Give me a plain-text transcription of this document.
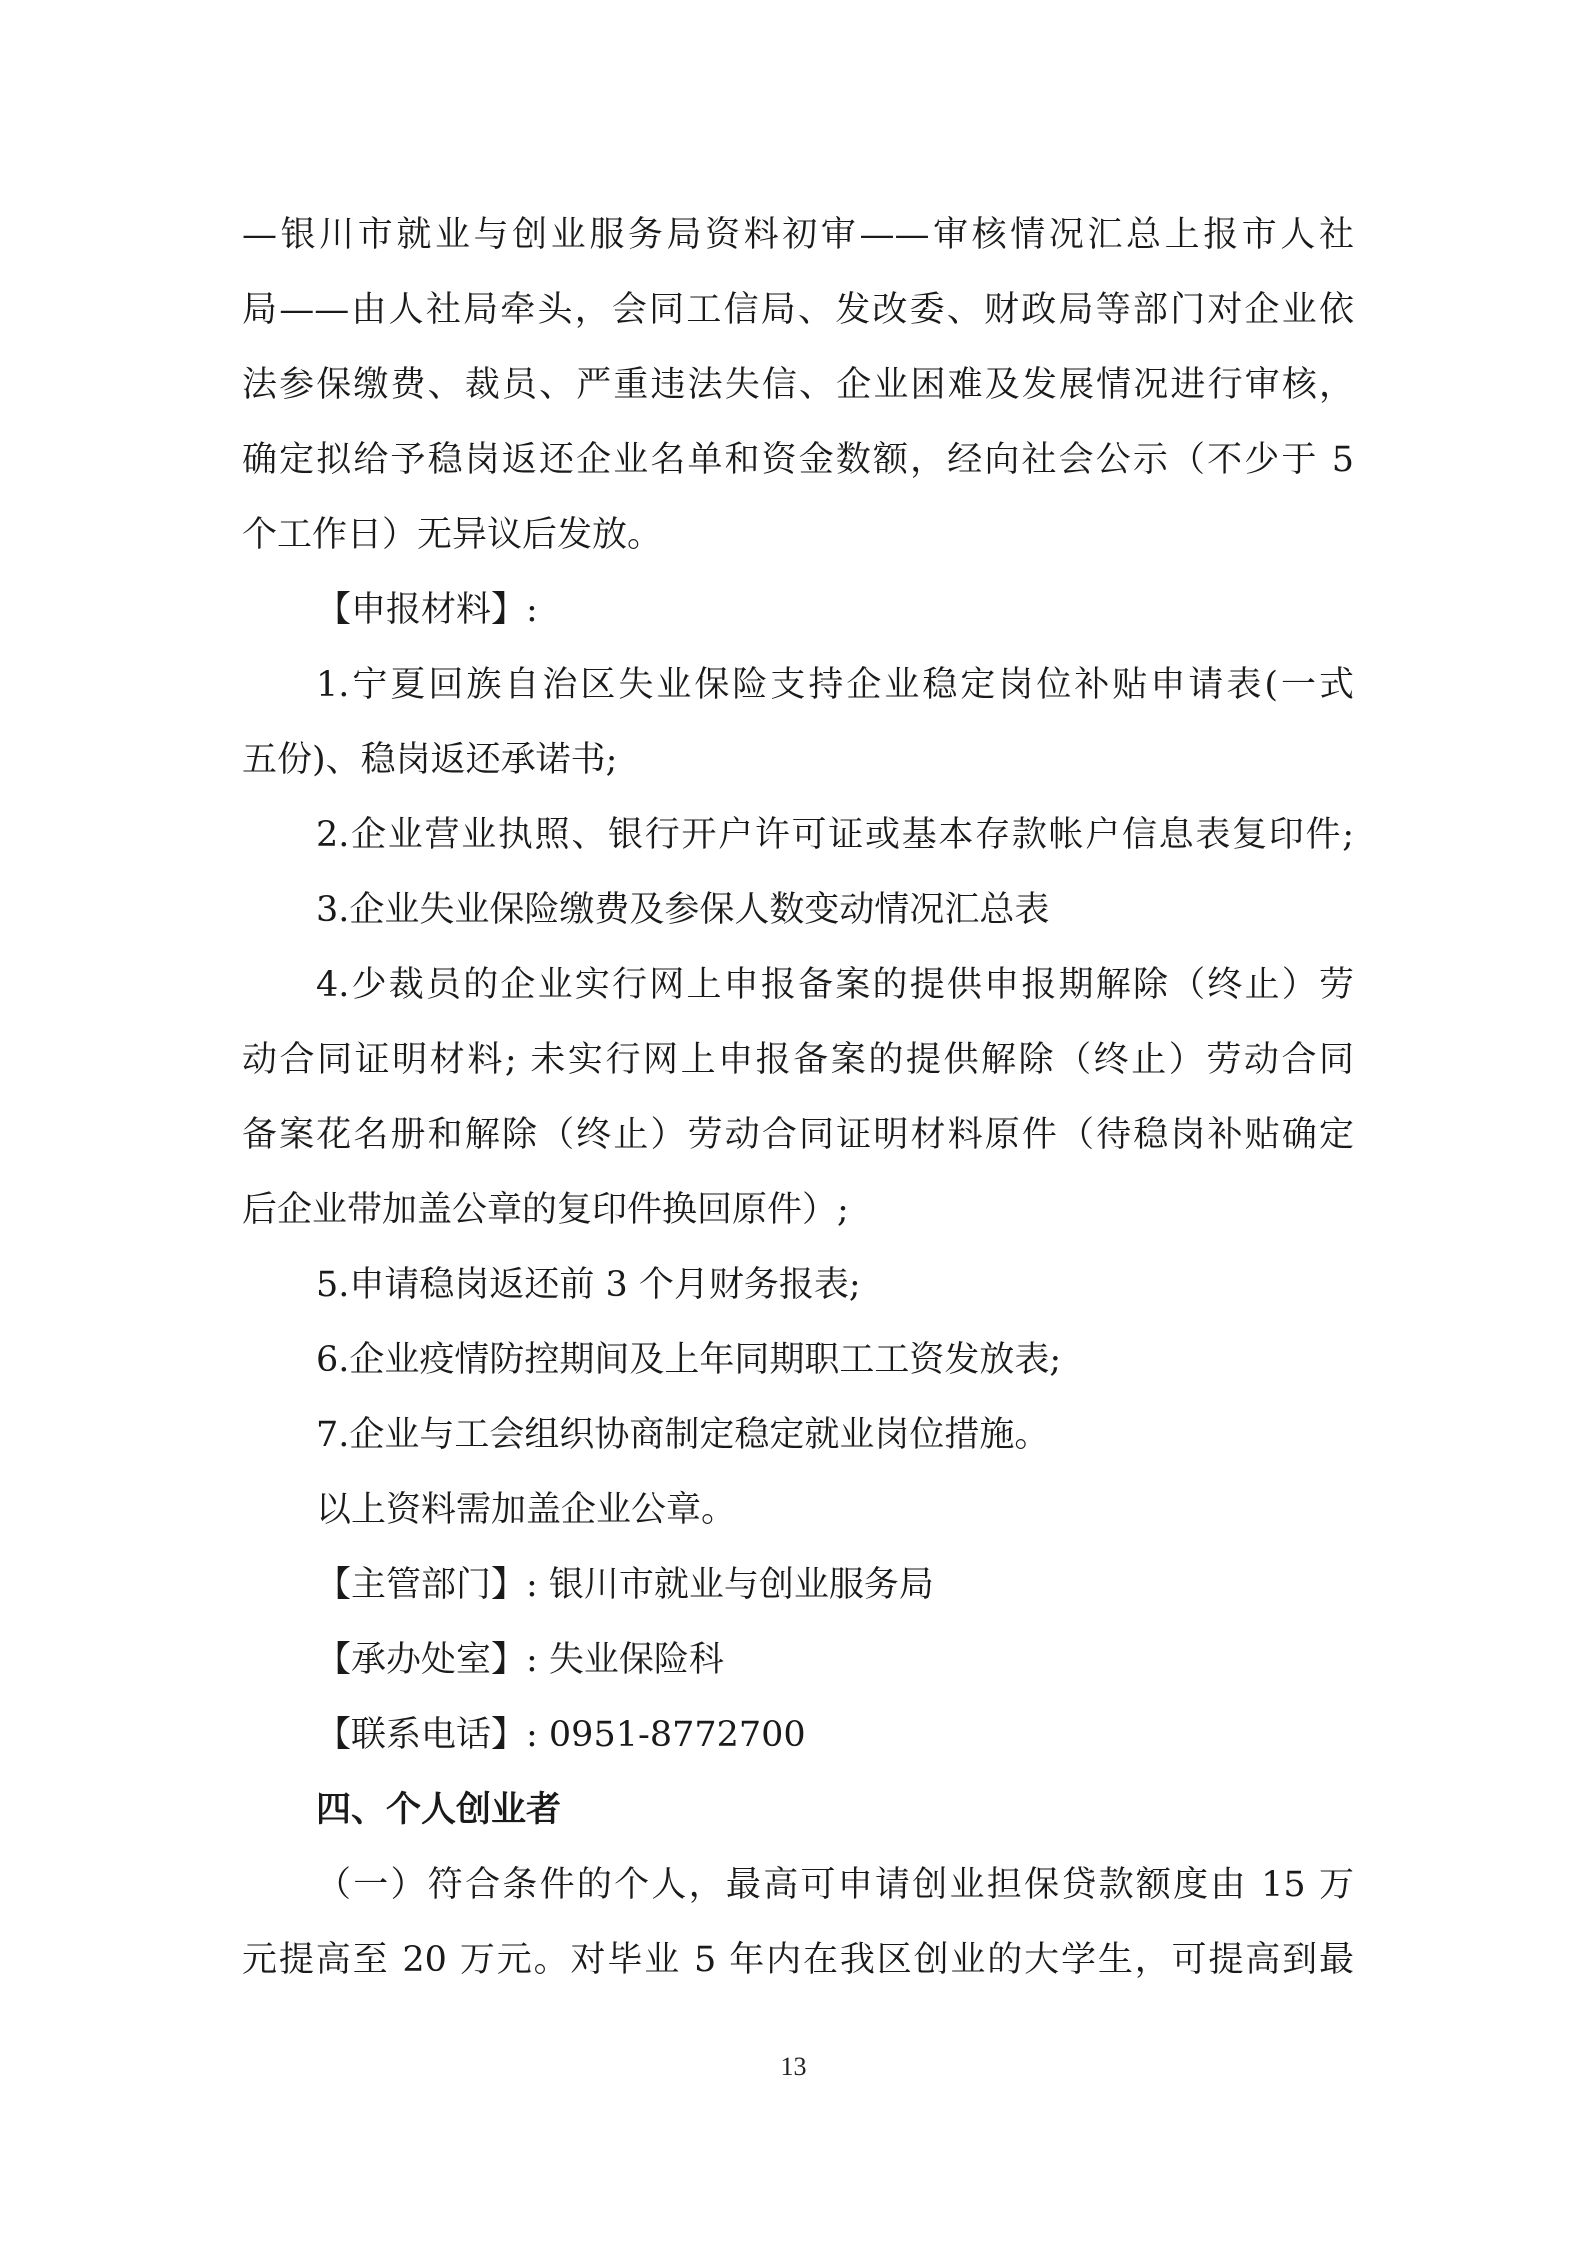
—银川市就业与创业服务局资料初审——审核情况汇总上报市人社
局——由人社局牵头，会同工信局、发改委、财政局等部门对企业依
法参保缴费、裁员、严重违法失信、企业困难及发展情况进行审核，
确定拟给予稳岗返还企业名单和资金数额，经向社会公示（不少于 5
个工作日）无异议后发放。
【申报材料】:
1.宁夏回族自治区失业保险支持企业稳定岗位补贴申请表(一式
五份)、稳岗返还承诺书;
2.企业营业执照、银行开户许可证或基本存款帐户信息表复印件;
3.企业失业保险缴费及参保人数变动情况汇总表
4.少裁员的企业实行网上申报备案的提供申报期解除（终止）劳
动合同证明材料; 未实行网上申报备案的提供解除（终止）劳动合同
备案花名册和解除（终止）劳动合同证明材料原件（待稳岗补贴确定
后企业带加盖公章的复印件换回原件）;
5.申请稳岗返还前 3 个月财务报表;
6.企业疫情防控期间及上年同期职工工资发放表;
7.企业与工会组织协商制定稳定就业岗位措施。
以上资料需加盖企业公章。
【主管部门】: 银川市就业与创业服务局
【承办处室】: 失业保险科
【联系电话】: 0951-8772700
四、个人创业者
（一）符合条件的个人，最高可申请创业担保贷款额度由 15 万
元提高至 20 万元。对毕业 5 年内在我区创业的大学生，可提高到最
13
